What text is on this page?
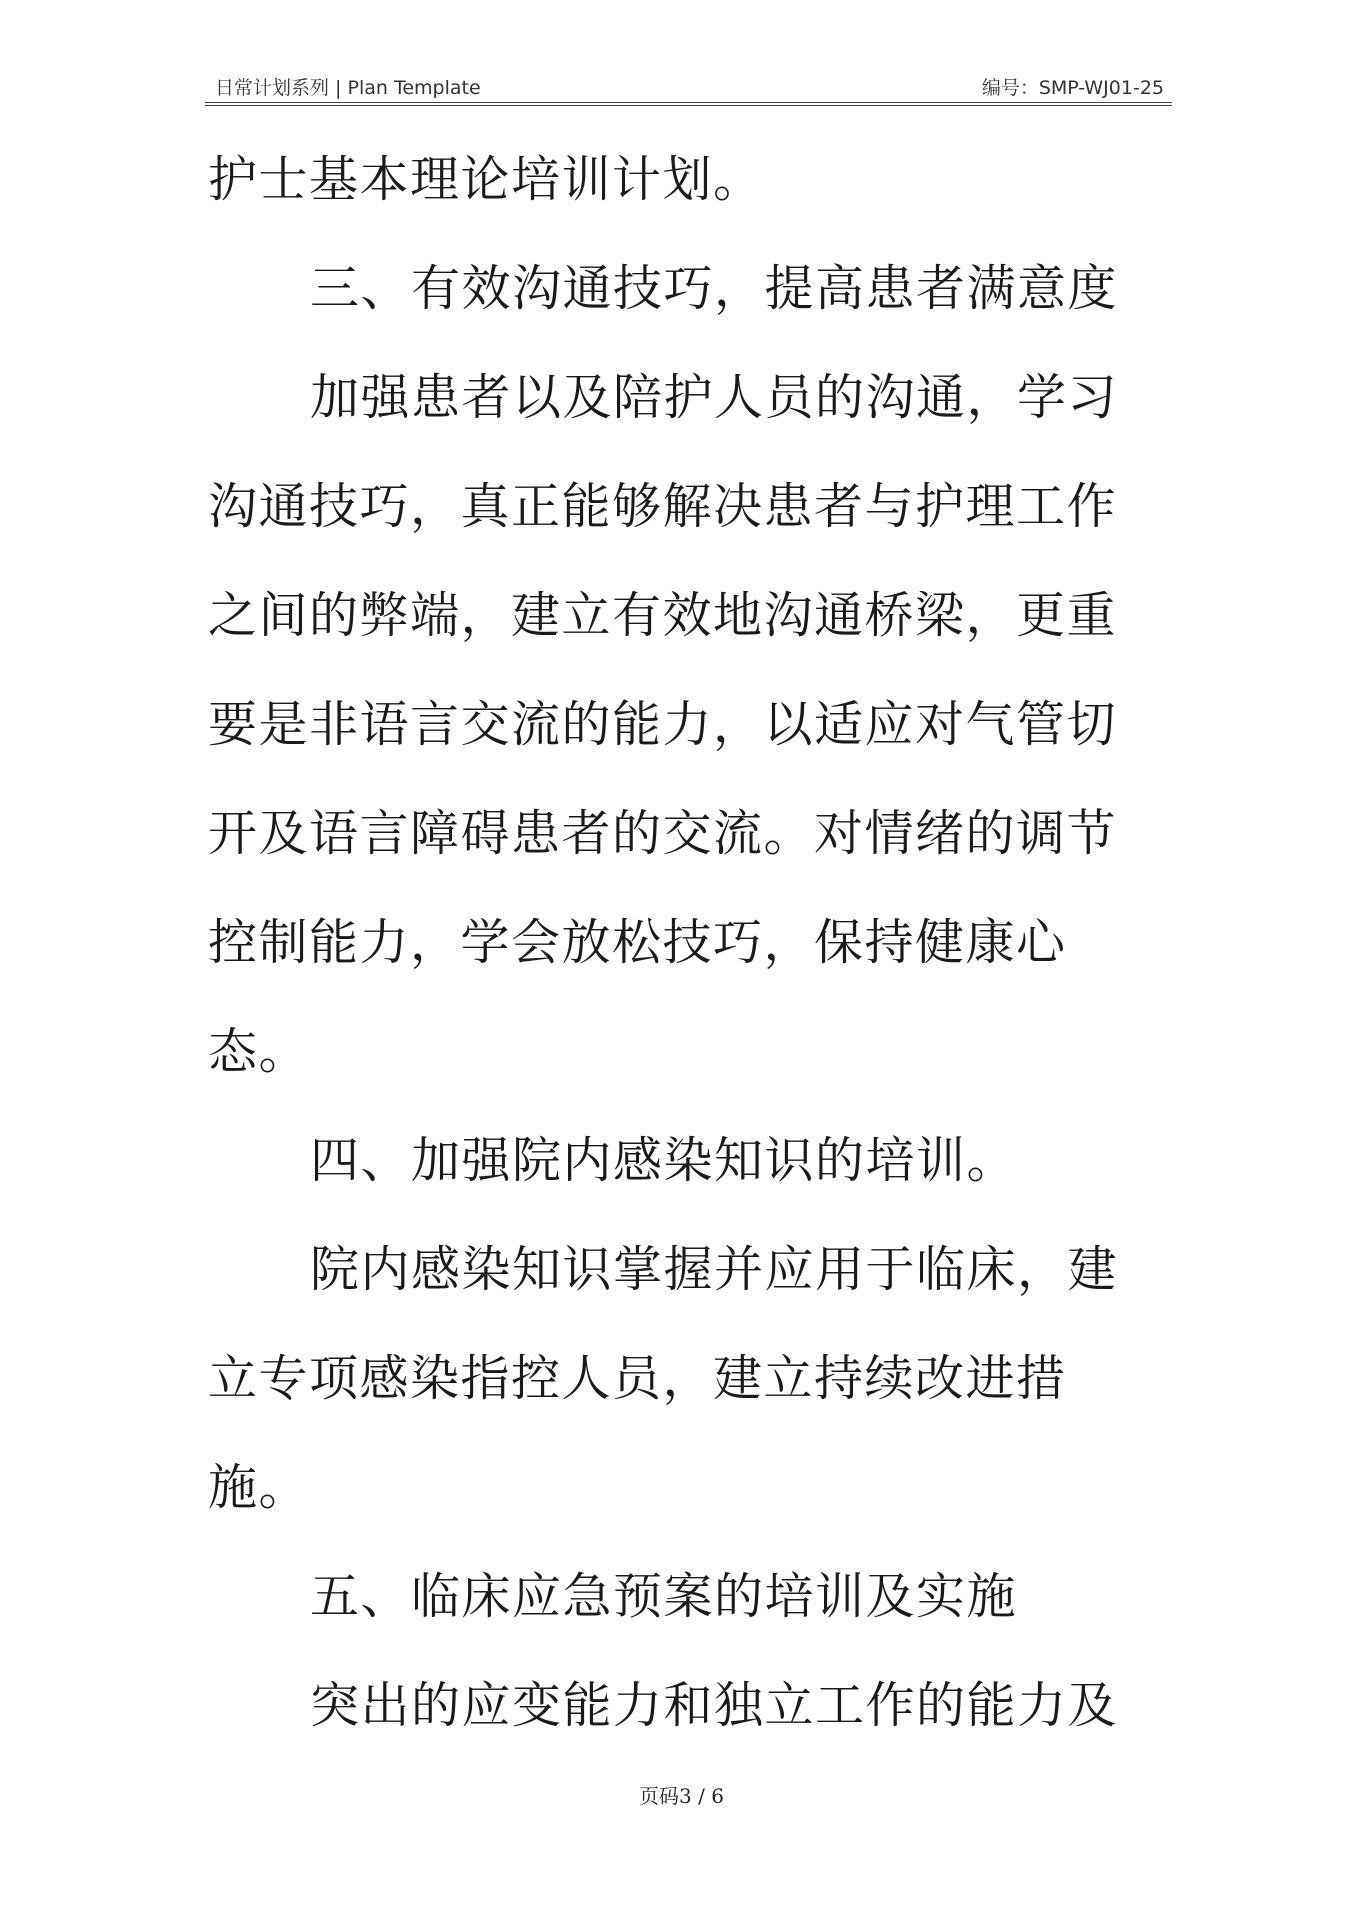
日常计划系列 | Plan Template	编号：SMP-WJ01-25
护士基本理论培训计划。
三、有效沟通技巧，提高患者满意度
加强患者以及陪护人员的沟通，学习
沟通技巧，真正能够解决患者与护理工作
之间的弊端，建立有效地沟通桥梁，更重
要是非语言交流的能力，以适应对气管切
开及语言障碍患者的交流。对情绪的调节
控制能力，学会放松技巧，保持健康心
态。
四、加强院内感染知识的培训。
院内感染知识掌握并应用于临床，建
立专项感染指控人员，建立持续改进措
施。
五、临床应急预案的培训及实施
突出的应变能力和独立工作的能力及
页码3 / 6
